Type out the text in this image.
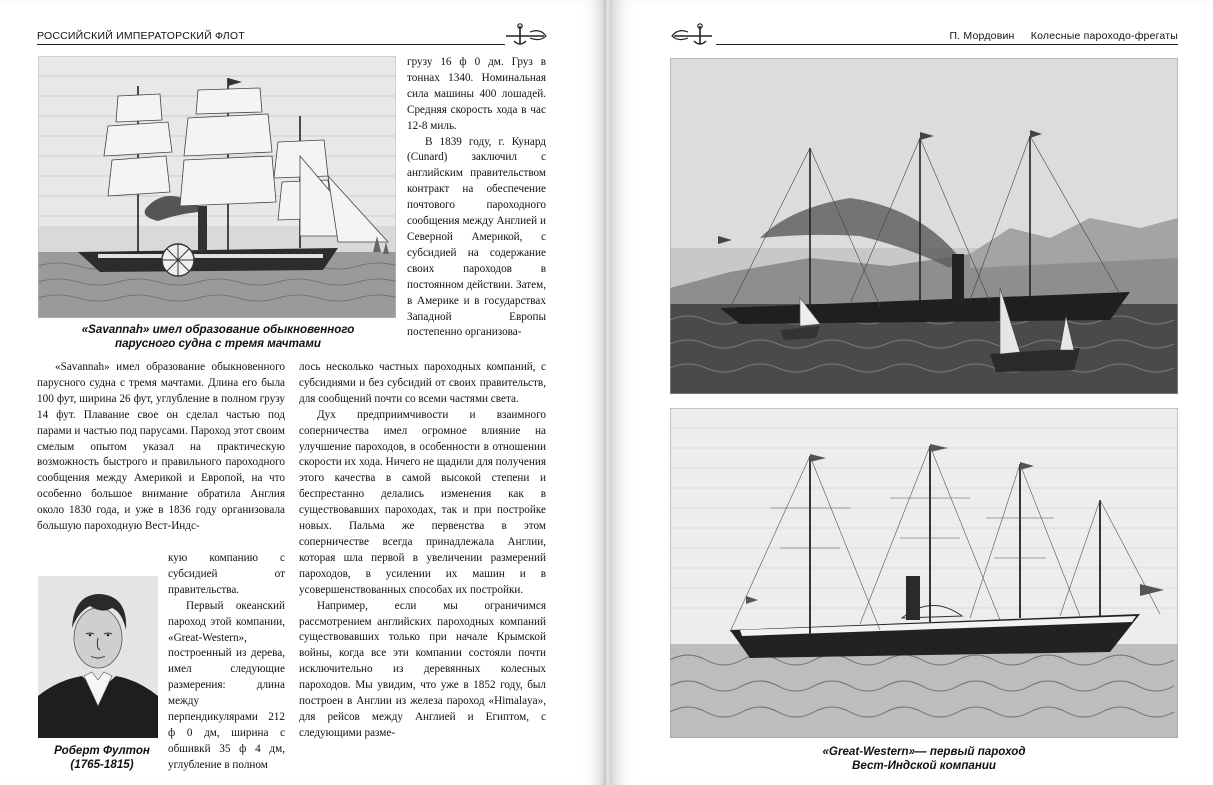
РОССИЙСКИЙ ИМПЕРАТОРСКИЙ ФЛОТ
«Savannah» имел образование обыкновенного
парусного судна с тремя мачтами

грузу 16 ф 0 дм. Груз в тоннах 1340. Номинальная сила машины 400 лошадей. Средняя скорость хода в час 12-8 миль.

В 1839 году, г. Кунард (Cunard) заключил с английским правительством контракт на обеспечение почтового пароходного сообщения между Англией и Северной Америкой, с субсидией на содержание своих пароходов в постоянном действии. Затем, в Америке и в государствах Западной Европы постепенно организова-

«Savannah» имел образование обыкновенного парусного судна с тремя мачтами. Длина его была 100 фут, ширина 26 фут, углубление в полном грузу 14 фут. Плавание свое он сделал частью под парами и частью под парусами. Пароход этот своим смелым опытом указал на практическую возможность быстрого и правильного пароходного сообщения между Америкой и Европой, на что особенно большое внимание обратила Англия около 1830 года, и уже в 1836 году организовала большую пароходную Вест-Индс-

лось несколько частных пароходных компаний, с субсидиями и без субсидий от своих правительств, для сообщений почти со всеми частями света.

Дух предприимчивости и взаимного соперничества имел огромное влияние на улучшение пароходов, в особенности в отношении скорости их хода. Ничего не щадили для получения этого качества в самой высокой степени и беспрестанно делались изменения как в существовавших пароходах, так и при постройке новых. Пальма же первенства в этом соперничестве всегда принадлежала Англии, которая шла первой в увеличении размерений пароходов, в усилении их машин и в усовершенствованных способах их постройки.

Например, если мы ограничимся рассмотрением английских пароходных компаний существовавших только при начале Крымской войны, когда все эти компании состояли почти исключительно из деревянных колесных пароходов. Мы увидим, что уже в 1852 году, был построен в Англии из железа пароход «Himalaya», для рейсов между Англией и Египтом, с следующими разме-

Роберт Фултон
(1765-1815)

кую компанию с субсидией от правительства.

Первый океанский пароход этой компании, «Great-Western», построенный из дерева, имел следующие размерения: длина между перпендикулярами 212 ф 0 дм, ширина с обшивкй 35 ф 4 дм, углубление в полном

П. Мордовин Колесные пароходо-фрегаты
«Great-Western»— первый пароход
Вест-Индской компании
